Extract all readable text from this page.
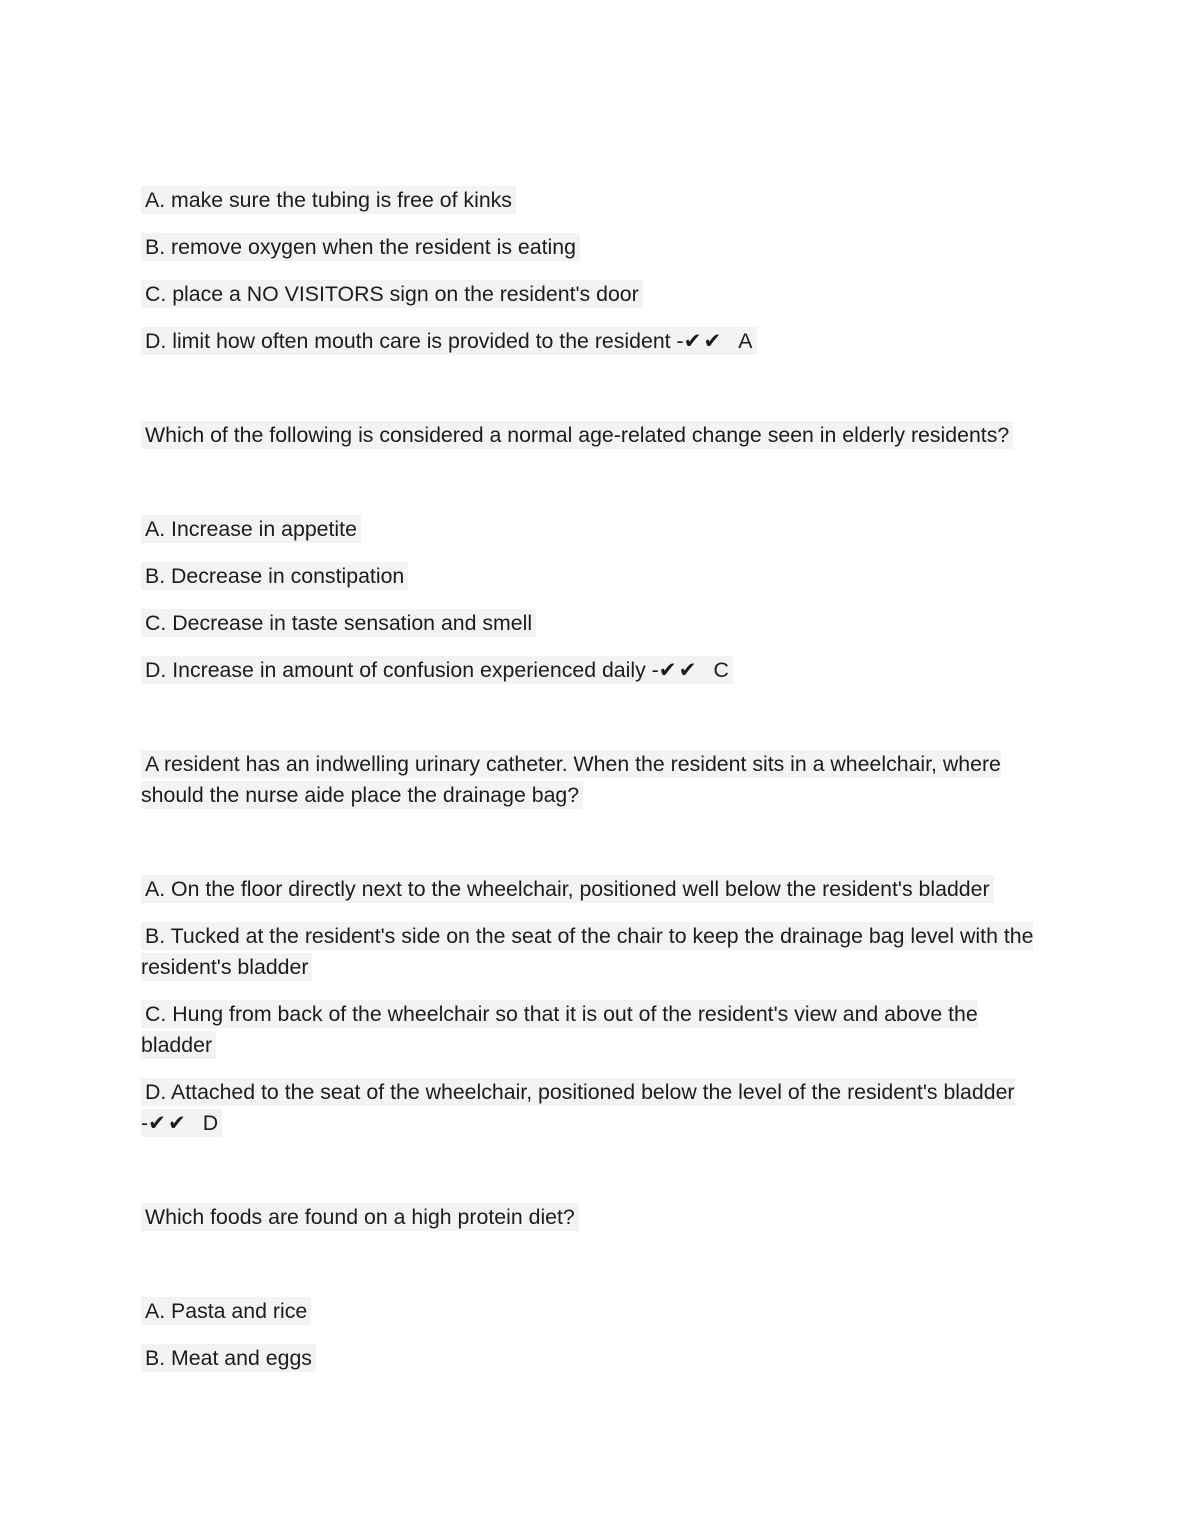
A. make sure the tubing is free of kinks

B. remove oxygen when the resident is eating

C. place a NO VISITORS sign on the resident's door

D. limit how often mouth care is provided to the resident -✔✔ A

Which of the following is considered a normal age-related change seen in elderly residents?

A. Increase in appetite

B. Decrease in constipation

C. Decrease in taste sensation and smell

D. Increase in amount of confusion experienced daily -✔✔ C

A resident has an indwelling urinary catheter. When the resident sits in a wheelchair, where should the nurse aide place the drainage bag?

A. On the floor directly next to the wheelchair, positioned well below the resident's bladder

B. Tucked at the resident's side on the seat of the chair to keep the drainage bag level with the resident's bladder

C. Hung from back of the wheelchair so that it is out of the resident's view and above the bladder

D. Attached to the seat of the wheelchair, positioned below the level of the resident's bladder -✔✔ D

Which foods are found on a high protein diet?

A. Pasta and rice

B. Meat and eggs
